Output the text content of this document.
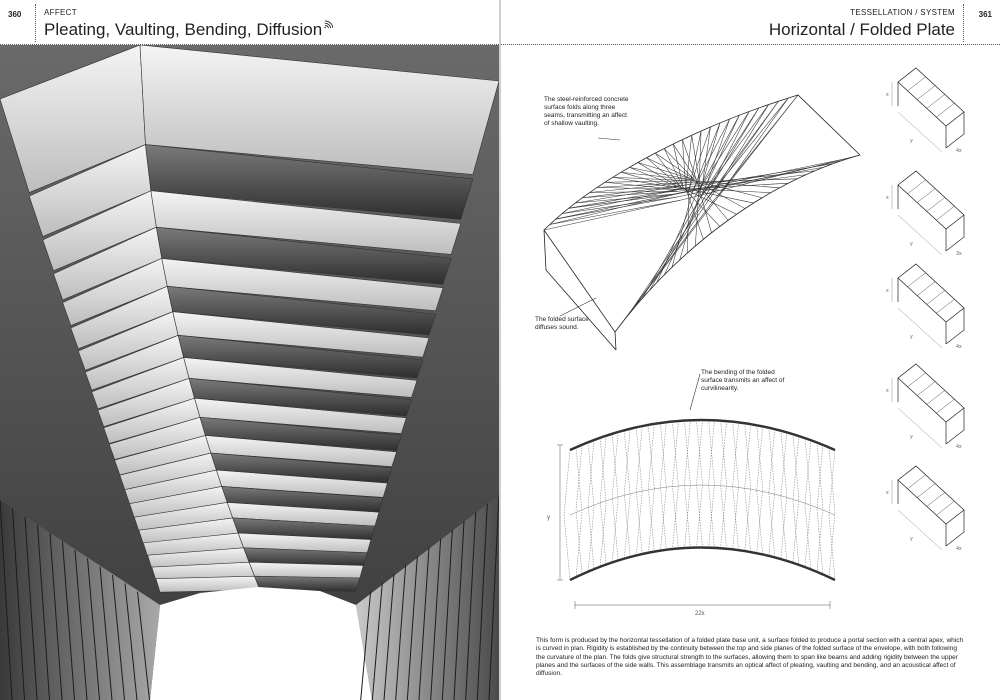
360	AFFECT
Pleating, Vaulting, Bending, Diffusion
TESSELLATION / SYSTEM	361
Horizontal / Folded Plate
The steel-reinforced concrete surface folds along three seams, transmitting an affect of shallow vaulting.
The folded surface diffuses sound.
The bending of the folded surface transmits an affect of curvilinearity.
y
22x
x
y
4x
x
y
3x
x
y
4x
x
y
4x
x
y
4x
This form is produced by the horizontal tessellation of a folded plate base unit, a surface folded to produce a portal section with a central apex, which is curved in plan. Rigidity is established by the continuity between the top and side planes of the folded surface of the envelope, with both following the curvature of the plan. The folds give structural strength to the surfaces, allowing them to span like beams and adding rigidity between the upper planes and the surfaces of the side walls. This assemblage transmits an optical affect of pleating, vaulting and bending, and an acoustical affect of diffusion.
